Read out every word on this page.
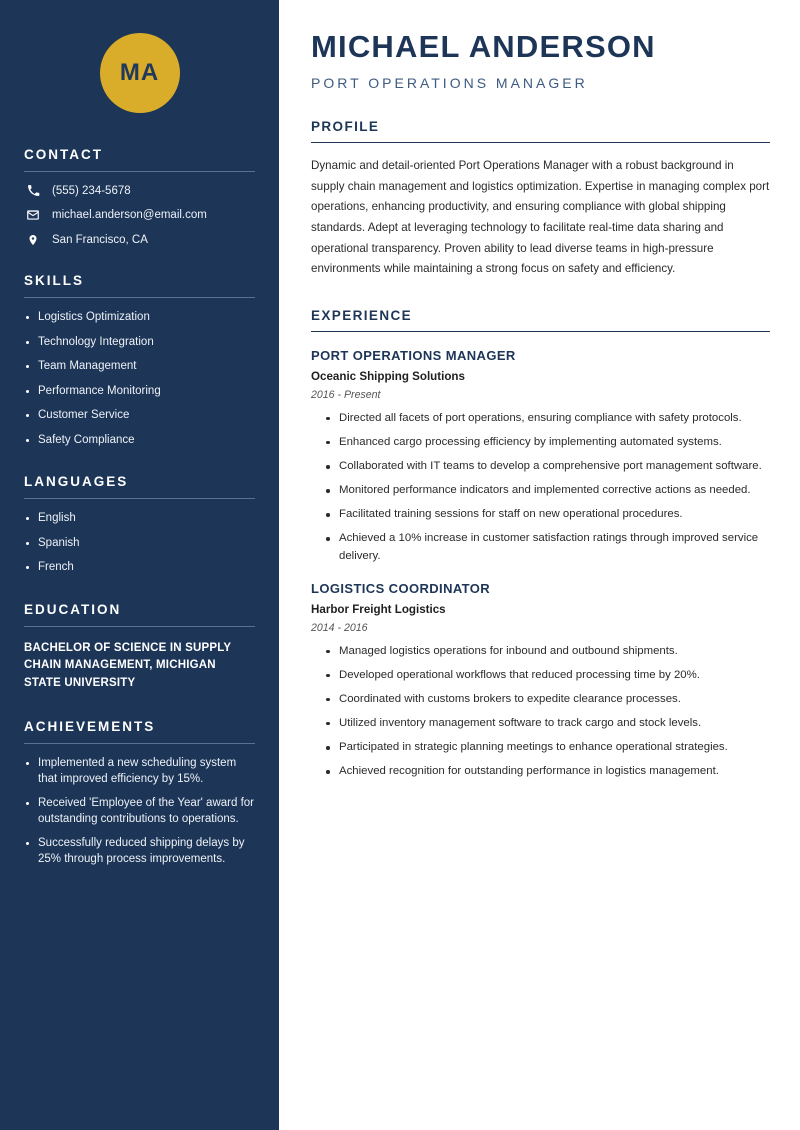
MA
CONTACT
(555) 234-5678
michael.anderson@email.com
San Francisco, CA
SKILLS
Logistics Optimization
Technology Integration
Team Management
Performance Monitoring
Customer Service
Safety Compliance
LANGUAGES
English
Spanish
French
EDUCATION
BACHELOR OF SCIENCE IN SUPPLY CHAIN MANAGEMENT, MICHIGAN STATE UNIVERSITY
ACHIEVEMENTS
Implemented a new scheduling system that improved efficiency by 15%.
Received 'Employee of the Year' award for outstanding contributions to operations.
Successfully reduced shipping delays by 25% through process improvements.
MICHAEL ANDERSON

PORT OPERATIONS MANAGER

PROFILE

Dynamic and detail-oriented Port Operations Manager with a robust background in supply chain management and logistics optimization. Expertise in managing complex port operations, enhancing productivity, and ensuring compliance with global shipping standards. Adept at leveraging technology to facilitate real-time data sharing and operational transparency. Proven ability to lead diverse teams in high-pressure environments while maintaining a strong focus on safety and efficiency.

EXPERIENCE
PORT OPERATIONS MANAGER

Oceanic Shipping Solutions

2016 - Present

Directed all facets of port operations, ensuring compliance with safety protocols.
Enhanced cargo processing efficiency by implementing automated systems.
Collaborated with IT teams to develop a comprehensive port management software.
Monitored performance indicators and implemented corrective actions as needed.
Facilitated training sessions for staff on new operational procedures.
Achieved a 10% increase in customer satisfaction ratings through improved service delivery.
LOGISTICS COORDINATOR

Harbor Freight Logistics

2014 - 2016

Managed logistics operations for inbound and outbound shipments.
Developed operational workflows that reduced processing time by 20%.
Coordinated with customs brokers to expedite clearance processes.
Utilized inventory management software to track cargo and stock levels.
Participated in strategic planning meetings to enhance operational strategies.
Achieved recognition for outstanding performance in logistics management.
